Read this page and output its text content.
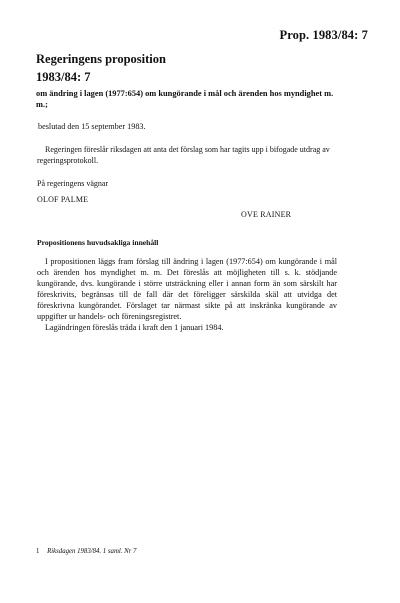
Prop. 1983/84: 7
Regeringens proposition
1983/84: 7
om ändring i lagen (1977:654) om kungörande i mål och ärenden hos myndighet m. m.;
beslutad den 15 september 1983.
Regeringen föreslår riksdagen att anta det förslag som har tagits upp i bifogade utdrag av regeringsprotokoll.
På regeringens vägnar
OLOF PALME
OVE RAINER
Propositionens huvudsakliga innehåll

I propositionen läggs fram förslag till ändring i lagen (1977:654) om kungörande i mål och ärenden hos myndighet m. m. Det föreslås att möjligheten till s. k. stödjande kungörande, dvs. kungörande i större utsträckning eller i annan form än som särskilt har föreskrivits, begränsas till de fall där det föreligger särskilda skäl att utvidga det föreskrivna kungörandet. Förslaget tar närmast sikte på att inskränka kungörande av uppgifter ur handels- och föreningsregistret.

Lagändringen föreslås träda i kraft den 1 januari 1984.

1 Riksdagen 1983/84. 1 saml. Nr 7
